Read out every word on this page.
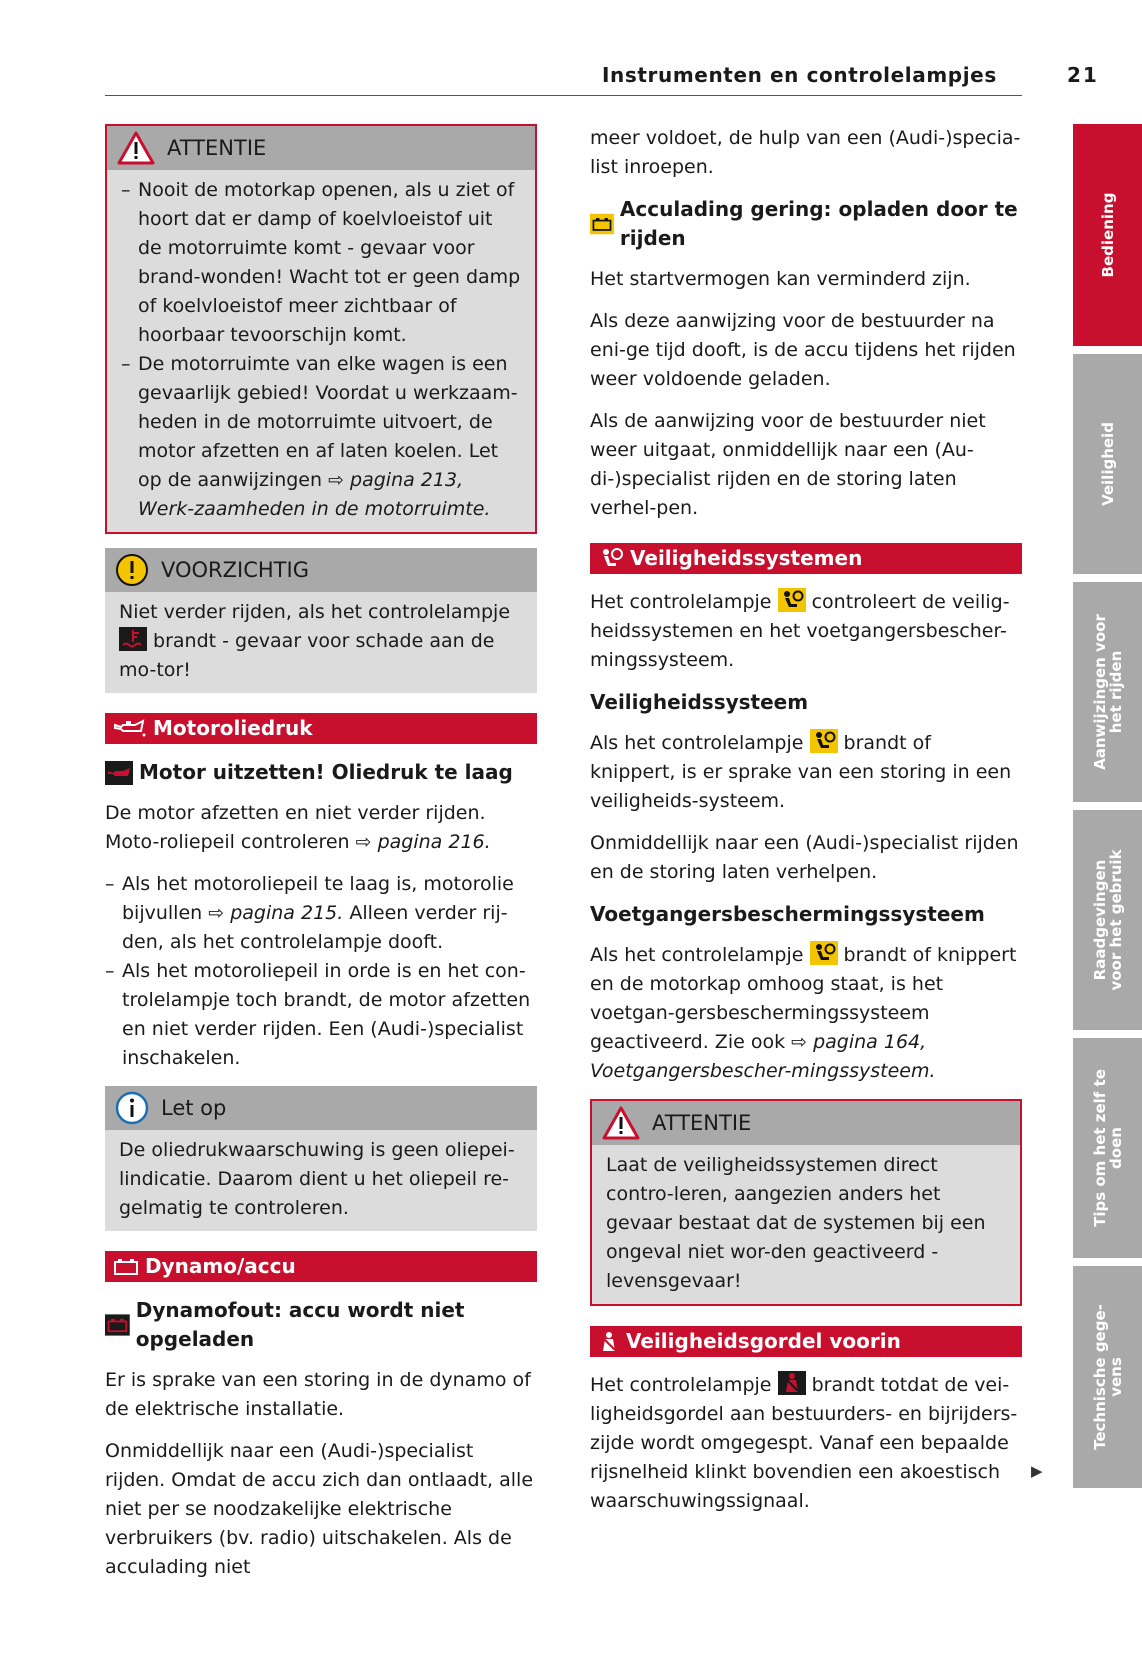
Instrumenten en controlelampjes	21
ATTENTIE
– Nooit de motorkap openen, als u ziet of hoort dat er damp of koelvloeistof uit de motorruimte komt - gevaar voor brand-wonden! Wacht tot er geen damp of koelvloeistof meer zichtbaar of hoorbaar tevoorschijn komt.
– De motorruimte van elke wagen is een gevaarlijk gebied! Voordat u werkzaam-heden in de motorruimte uitvoert, de motor afzetten en af laten koelen. Let op de aanwijzingen ⇨ pagina 213, Werk-zaamheden in de motorruimte.
VOORZICHTIG
Niet verder rijden, als het controlelampje  brandt - gevaar voor schade aan de mo-tor!
Motoroliedruk
Motor uitzetten! Oliedruk te laag

De motor afzetten en niet verder rijden. Moto-roliepeil controleren ⇨ pagina 216.

– Als het motoroliepeil te laag is, motorolie bijvullen ⇨ pagina 215. Alleen verder rij-den, als het controlelampje dooft.
– Als het motoroliepeil in orde is en het con-trolelampje toch brandt, de motor afzetten en niet verder rijden. Een (Audi-)specialist inschakelen.
Let op
De oliedrukwaarschuwing is geen oliepei-lindicatie. Daarom dient u het oliepeil re-gelmatig te controleren.
Dynamo/accu
Dynamofout: accu wordt niet opgeladen

Er is sprake van een storing in de dynamo of de elektrische installatie.

Onmiddellijk naar een (Audi-)specialist rijden. Omdat de accu zich dan ontlaadt, alle niet per se noodzakelijke elektrische verbruikers (bv. radio) uitschakelen. Als de acculading niet

meer voldoet, de hulp van een (Audi-)specia-list inroepen.

Acculading gering: opladen door te rijden

Het startvermogen kan verminderd zijn.

Als deze aanwijzing voor de bestuurder na eni-ge tijd dooft, is de accu tijdens het rijden weer voldoende geladen.

Als de aanwijzing voor de bestuurder niet weer uitgaat, onmiddellijk naar een (Au-di-)specialist rijden en de storing laten verhel-pen.

Veiligheidssystemen

Het controlelampje controleert de veilig-heidssystemen en het voetgangersbescher-mingssysteem.

Veiligheidssysteem

Als het controlelampje brandt of knippert, is er sprake van een storing in een veiligheids-systeem.

Onmiddellijk naar een (Audi-)specialist rijden en de storing laten verhelpen.

Voetgangersbeschermingssysteem

Als het controlelampje brandt of knippert en de motorkap omhoog staat, is het voetgan-gersbeschermingssysteem geactiveerd. Zie ook ⇨ pagina 164, Voetgangersbescher-mingssysteem.

ATTENTIE
Laat de veiligheidssystemen direct contro-leren, aangezien anders het gevaar bestaat dat de systemen bij een ongeval niet wor-den geactiveerd - levensgevaar!
Veiligheidsgordel voorin

Het controlelampje brandt totdat de vei-ligheidsgordel aan bestuurders- en bijrijders-zijde wordt omgegespt. Vanaf een bepaalde rijsnelheid klinkt bovendien een akoestisch waarschuwingssignaal.

▶
Bediening
Veiligheid
Aanwijzingen voor
het rijden
Raadgevingen
voor het gebruik
Tips om het zelf te
doen
Technische gege-
vens
